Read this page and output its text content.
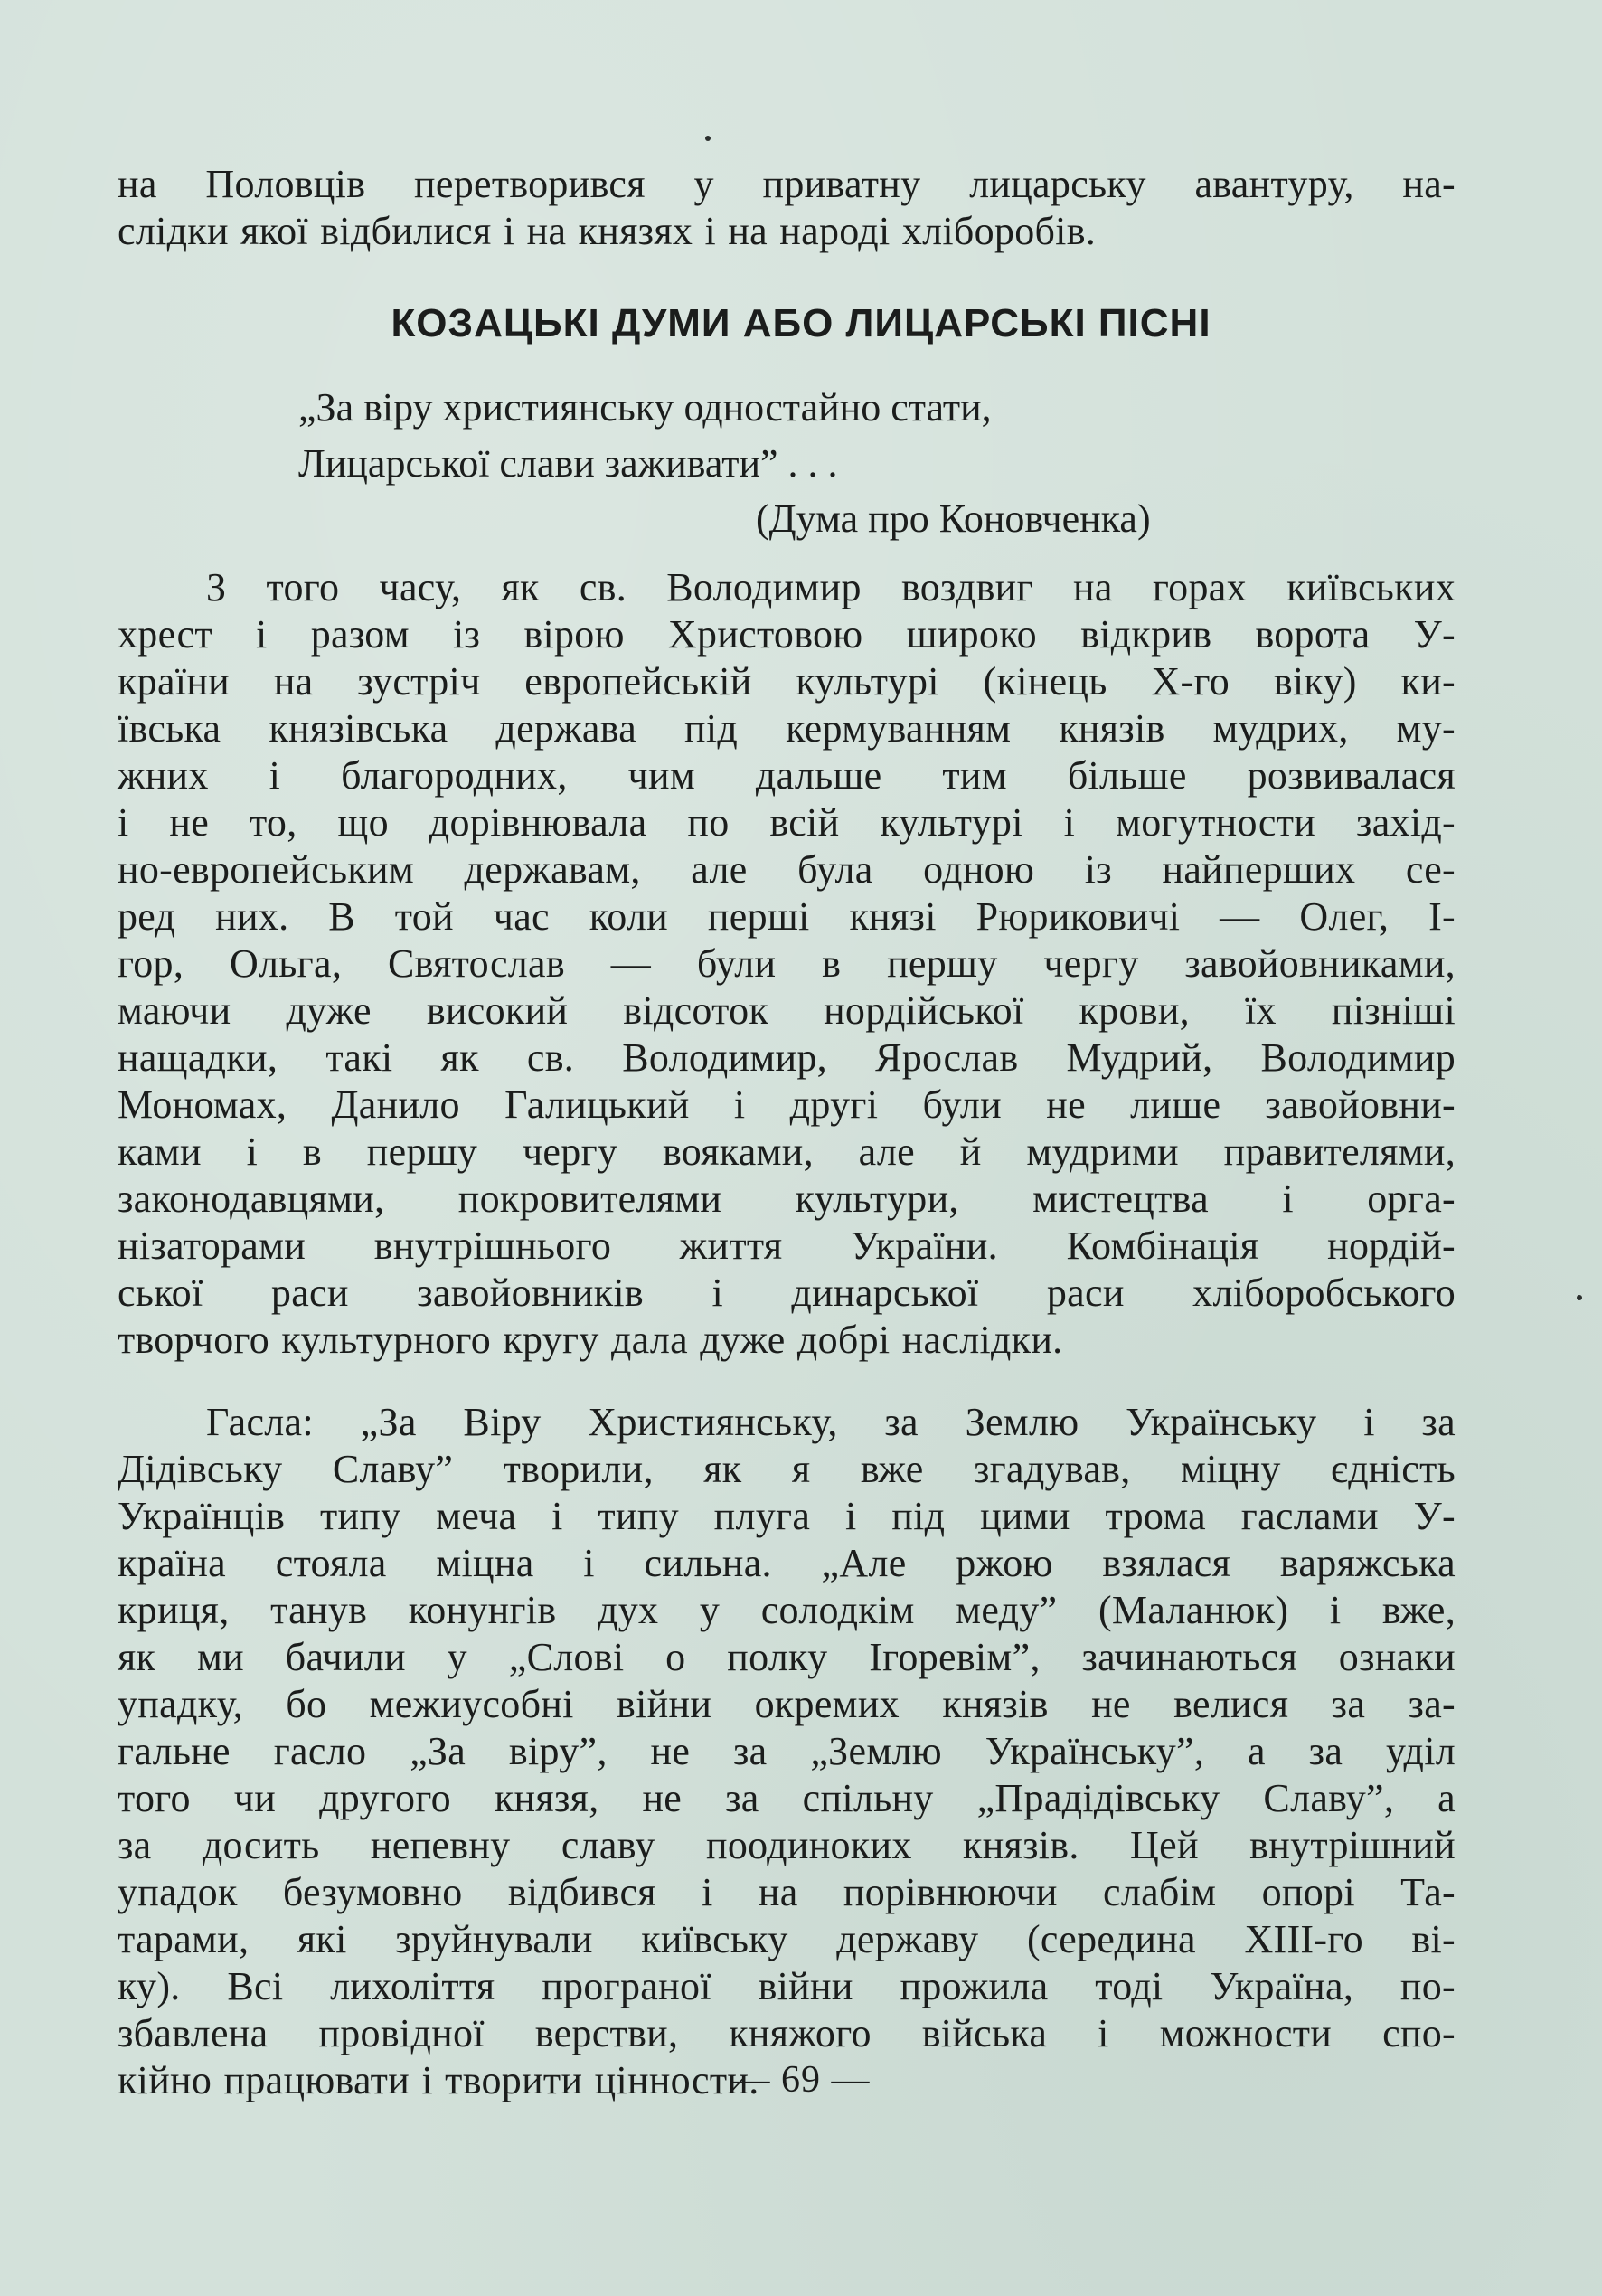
на Половців перетворився у приватну лицарську авантуру, на-
слідки якої відбилися і на князях і на народі хліборобів.
КОЗАЦЬКІ ДУМИ АБО ЛИЦАРСЬКІ ПІСНІ
„За віру християнську одностайно стати,
Лицарської слави заживати” . . .
(Дума про Коновченка)
З того часу, як св. Володимир воздвиг на горах київських
хрест і разом із вірою Христовою широко відкрив ворота У-
країни на зустріч европейській культурі (кінець Х-го віку) ки-
ївська князівська держава під кермуванням князів мудрих, му-
жних і благородних, чим дальше тим більше розвивалася
і не то, що дорівнювала по всій культурі і могутности захід-
но-европейським державам, але була одною із найперших се-
ред них. В той час коли перші князі Рюриковичі — Олег, І-
гор, Ольга, Святослав — були в першу чергу завойовниками,
маючи дуже високий відсоток нордійської крови, їх пізніші
нащадки, такі як св. Володимир, Ярослав Мудрий, Володимир
Мономах, Данило Галицький і другі були не лише завойовни-
ками і в першу чергу вояками, але й мудрими правителями,
законодавцями, покровителями культури, мистецтва і орга-
нізаторами внутрішнього життя України. Комбінація нордій-
ської раси завойовників і динарської раси хліборобського
творчого культурного кругу дала дуже добрі наслідки.
Гасла: „За Віру Християнську, за Землю Українську і за
Дідівську Славу” творили, як я вже згадував, міцну єдність
Українців типу меча і типу плуга і під цими трома гаслами У-
країна стояла міцна і сильна. „Але ржою взялася варяжська
криця, танув конунгів дух у солодкім меду” (Маланюк) і вже,
як ми бачили у „Слові о полку Ігоревім”, зачинаються ознаки
упадку, бо межиусобні війни окремих князів не велися за за-
гальне гасло „За віру”, не за „Землю Українську”, а за уділ
того чи другого князя, не за спільну „Прадідівську Славу”, а
за досить непевну славу поодиноких князів. Цей внутрішний
упадок безумовно відбився і на порівнюючи слабім опорі Та-
тарами, які зруйнували київську державу (середина XIII-го ві-
ку). Всі лихоліття програної війни прожила тоді Україна, по-
збавлена провідної верстви, княжого війська і можности спо-
кійно працювати і творити цінности.
— 69 —
